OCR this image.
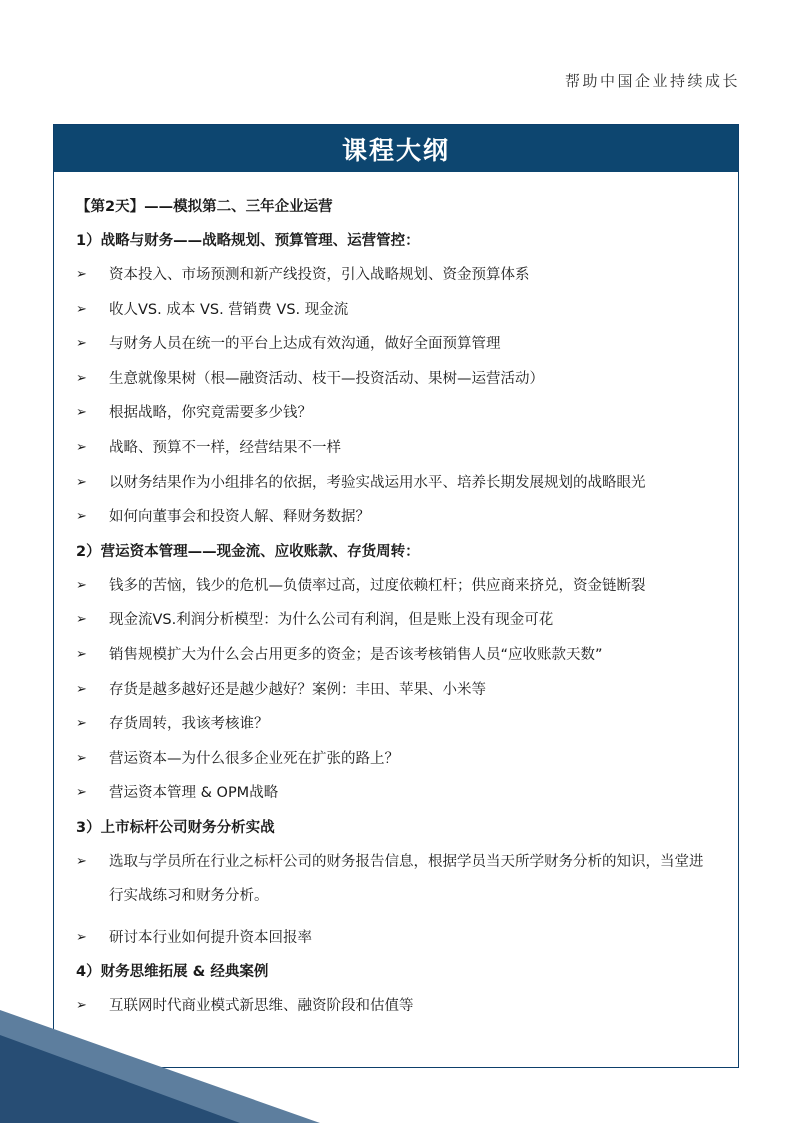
帮助中国企业持续成长
课程大纲
【第2天】——模拟第二、三年企业运营
1）战略与财务——战略规划、预算管理、运营管控：
➢	资本投入、市场预测和新产线投资，引入战略规划、资金预算体系
➢	收人VS. 成本 VS. 营销费 VS. 现金流
➢	与财务人员在统一的平台上达成有效沟通，做好全面预算管理
➢	生意就像果树（根—融资活动、枝干—投资活动、果树—运营活动）
➢	根据战略，你究竟需要多少钱？
➢	战略、预算不一样，经营结果不一样
➢	以财务结果作为小组排名的依据，考验实战运用水平、培养长期发展规划的战略眼光
➢	如何向董事会和投资人解、释财务数据？
2）营运资本管理——现金流、应收账款、存货周转：
➢	钱多的苦恼，钱少的危机—负债率过高，过度依赖杠杆；供应商来挤兑，资金链断裂
➢	现金流VS.利润分析模型：为什么公司有利润，但是账上没有现金可花
➢	销售规模扩大为什么会占用更多的资金；是否该考核销售人员“应收账款天数”
➢	存货是越多越好还是越少越好？案例：丰田、苹果、小米等
➢	存货周转，我该考核谁？
➢	营运资本—为什么很多企业死在扩张的路上？
➢	营运资本管理 & OPM战略
3）上市标杆公司财务分析实战
➢	选取与学员所在行业之标杆公司的财务报告信息，根据学员当天所学财务分析的知识，当堂进行实战练习和财务分析。
➢	研讨本行业如何提升资本回报率
4）财务思维拓展 & 经典案例
➢	互联网时代商业模式新思维、融资阶段和估值等
